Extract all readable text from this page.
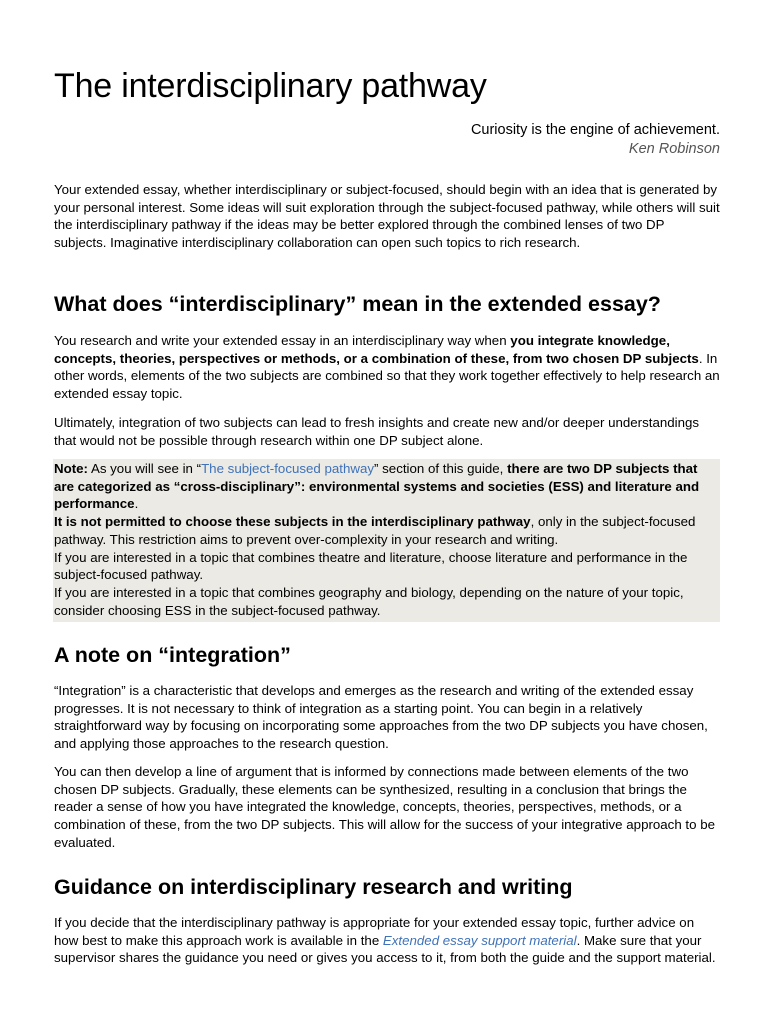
The interdisciplinary pathway
Curiosity is the engine of achievement.
Ken Robinson

Your extended essay, whether interdisciplinary or subject-focused, should begin with an idea that is generated by your personal interest. Some ideas will suit exploration through the subject-focused pathway, while others will suit the interdisciplinary pathway if the ideas may be better explored through the combined lenses of two DP subjects. Imaginative interdisciplinary collaboration can open such topics to rich research.

What does “interdisciplinary” mean in the extended essay?

You research and write your extended essay in an interdisciplinary way when you integrate knowledge, concepts, theories, perspectives or methods, or a combination of these, from two chosen DP subjects. In other words, elements of the two subjects are combined so that they work together effectively to help research an extended essay topic.

Ultimately, integration of two subjects can lead to fresh insights and create new and/or deeper understandings that would not be possible through research within one DP subject alone.

Note: As you will see in “The subject-focused pathway” section of this guide, there are two DP subjects that are categorized as “cross-disciplinary”: environmental systems and societies (ESS) and literature and performance.

It is not permitted to choose these subjects in the interdisciplinary pathway, only in the subject-focused pathway. This restriction aims to prevent over-complexity in your research and writing.

If you are interested in a topic that combines theatre and literature, choose literature and performance in the subject-focused pathway.

If you are interested in a topic that combines geography and biology, depending on the nature of your topic, consider choosing ESS in the subject-focused pathway.

A note on “integration”

“Integration” is a characteristic that develops and emerges as the research and writing of the extended essay progresses. It is not necessary to think of integration as a starting point. You can begin in a relatively straightforward way by focusing on incorporating some approaches from the two DP subjects you have chosen, and applying those approaches to the research question.

You can then develop a line of argument that is informed by connections made between elements of the two chosen DP subjects. Gradually, these elements can be synthesized, resulting in a conclusion that brings the reader a sense of how you have integrated the knowledge, concepts, theories, perspectives, methods, or a combination of these, from the two DP subjects. This will allow for the success of your integrative approach to be evaluated.

Guidance on interdisciplinary research and writing

If you decide that the interdisciplinary pathway is appropriate for your extended essay topic, further advice on how best to make this approach work is available in the Extended essay support material. Make sure that your supervisor shares the guidance you need or gives you access to it, from both the guide and the support material.
